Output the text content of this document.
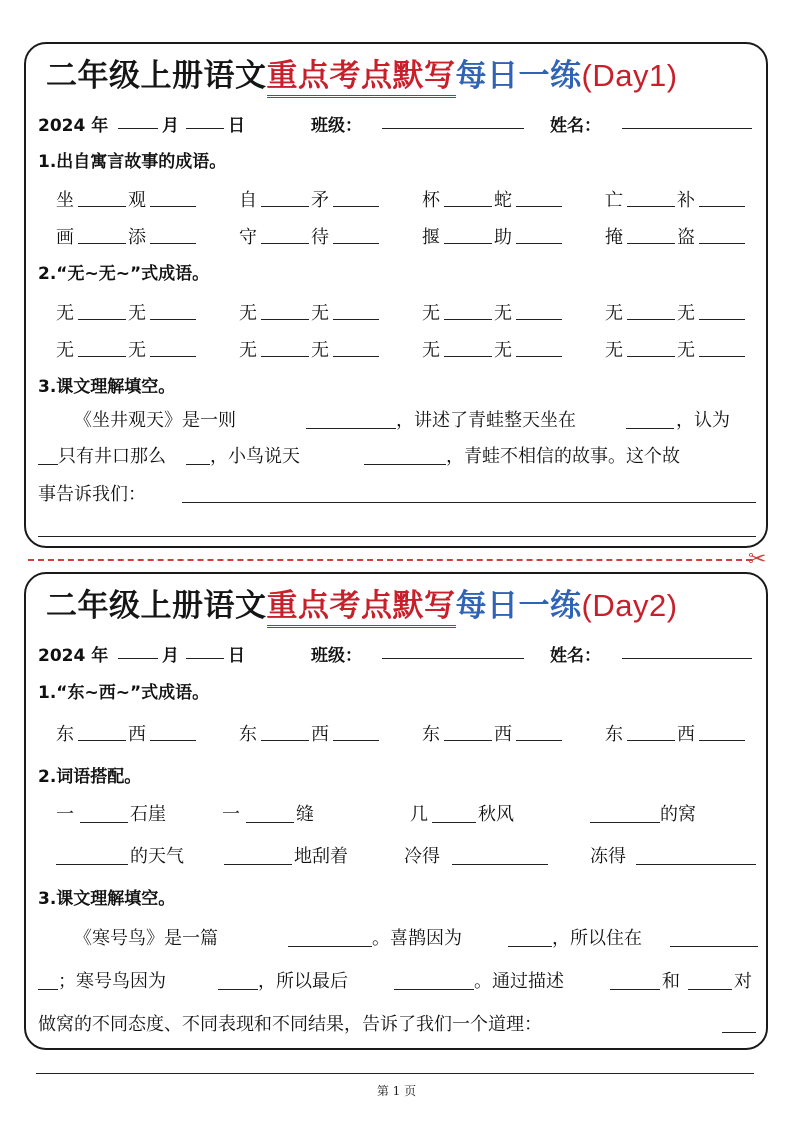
二年级上册语文重点考点默写每日一练(Day1)
2024 年	月	日	班级：	姓名：
1.出自寓言故事的成语。
坐	观	自	矛	杯	蛇	亡	补
画	添	守	待	揠	助	掩	盗
2.“无~无~”式成语。
无	无	无	无	无	无	无	无
无	无	无	无	无	无	无	无
3.课文理解填空。
《坐井观天》是一则	，讲述了青蛙整天坐在	，认为
只有井口那么 ，小鸟说天	，青蛙不相信的故事。这个故
事告诉我们：
✂
二年级上册语文重点考点默写每日一练(Day2)
2024 年	月	日	班级：	姓名：
1.“东~西~”式成语。
东	西	东	西	东	西	东	西
2.词语搭配。
一	石崖	一	缝	几	秋风	的窝
的天气	地刮着	冷得	冻得
3.课文理解填空。
《寒号鸟》是一篇	。喜鹊因为	，所以住在
；寒号鸟因为	，所以最后	。通过描述	和	对
做窝的不同态度、不同表现和不同结果，告诉了我们一个道理：
第 1 页
